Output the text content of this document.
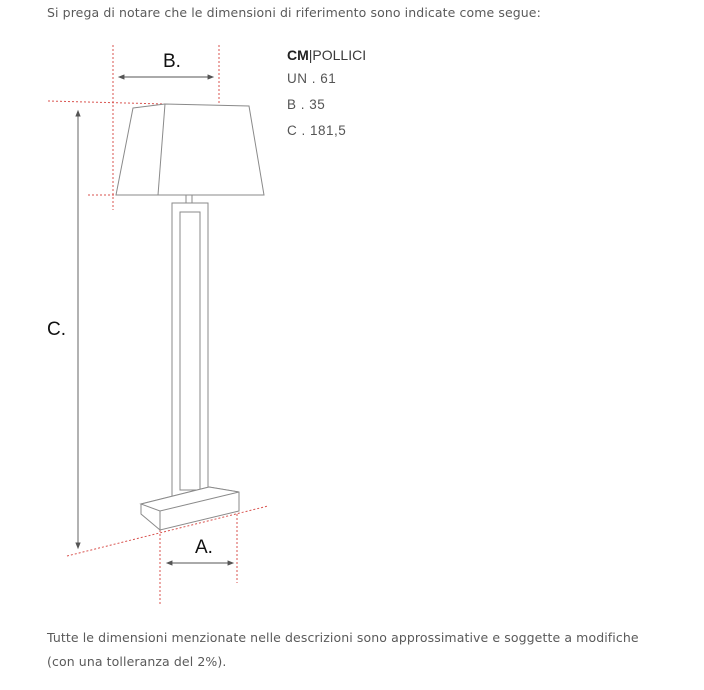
Si prega di notare che le dimensioni di riferimento sono indicate come segue:
B.
C.
A.
CM|POLLICI
UN . 61
B . 35
C . 181,5
Tutte le dimensioni menzionate nelle descrizioni sono approssimative e soggette a modifiche
(con una tolleranza del 2%).
